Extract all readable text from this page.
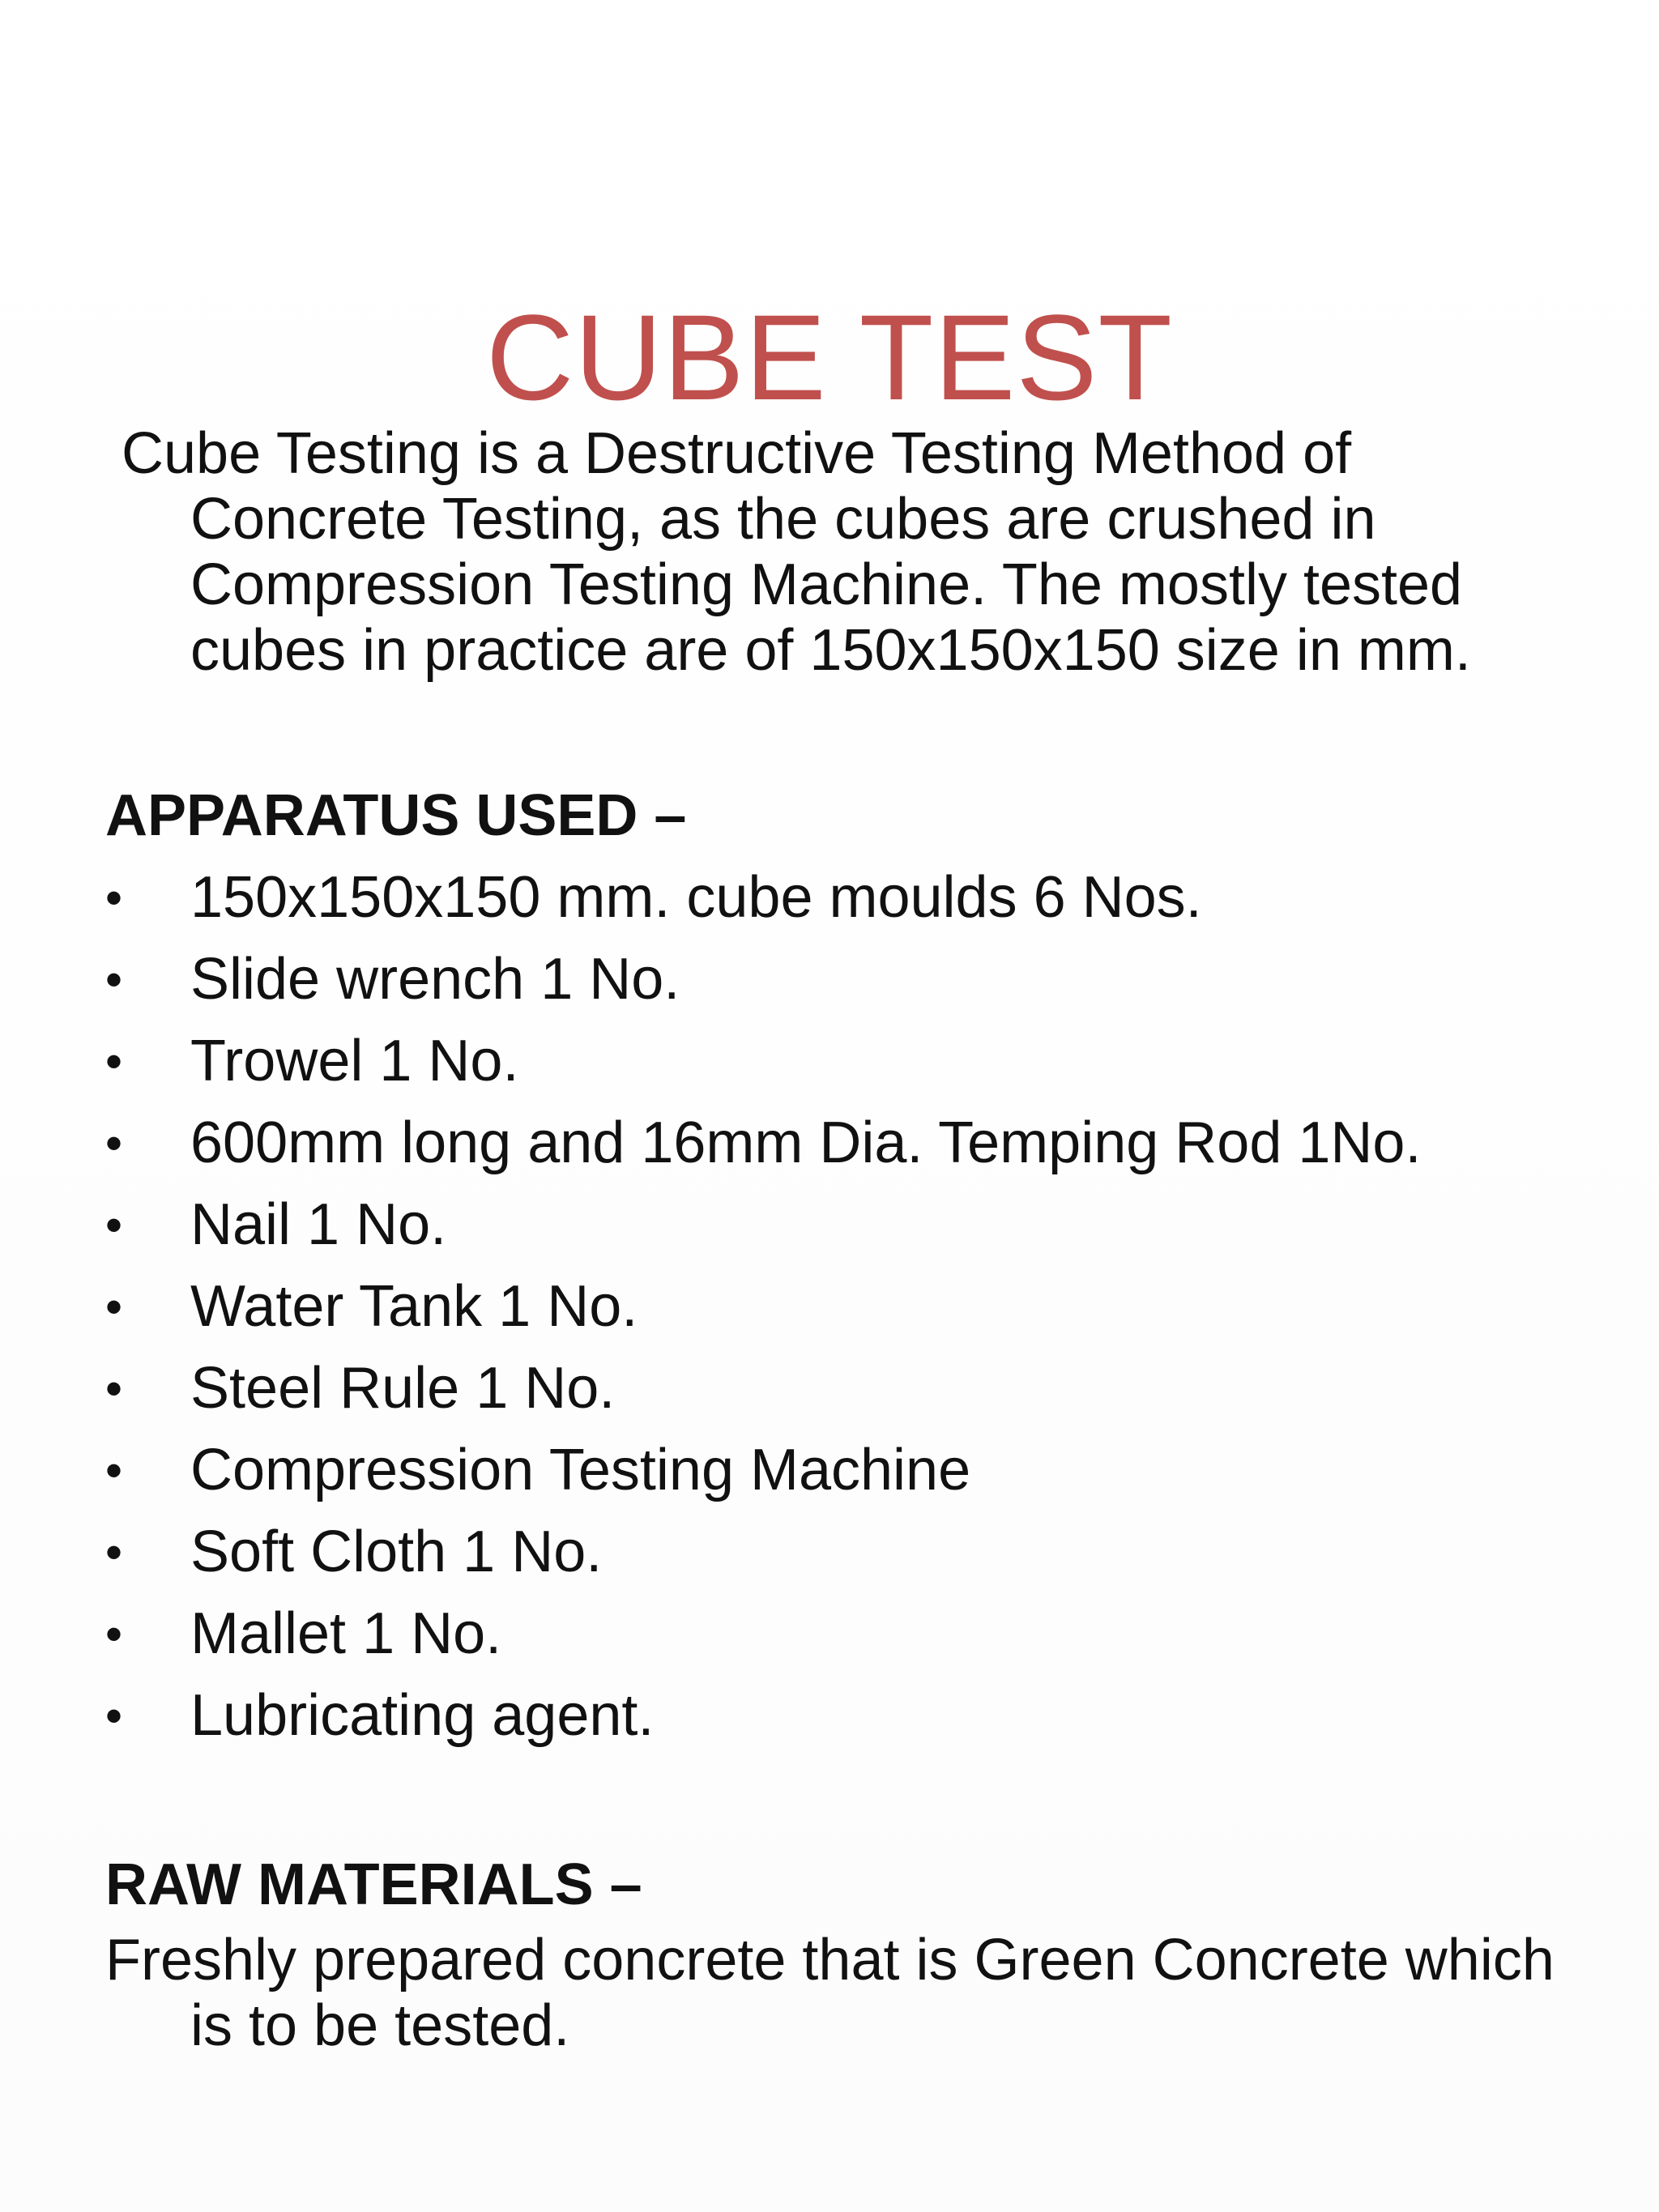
CUBE TEST

Cube Testing is a Destructive Testing Method of Concrete Testing, as the cubes are crushed in Compression Testing Machine. The mostly tested cubes in practice are of 150x150x150 size in mm.

APPARATUS USED –
•	150x150x150 mm. cube moulds 6 Nos.
•	Slide wrench 1 No.
•	Trowel 1 No.
•	600mm long and 16mm Dia. Temping Rod 1No.
•	Nail 1 No.
•	Water Tank 1 No.
•	Steel Rule 1 No.
•	Compression Testing Machine
•	Soft Cloth 1 No.
•	Mallet 1 No.
•	Lubricating agent.
RAW MATERIALS –

Freshly prepared concrete that is Green Concrete which is to be tested.
